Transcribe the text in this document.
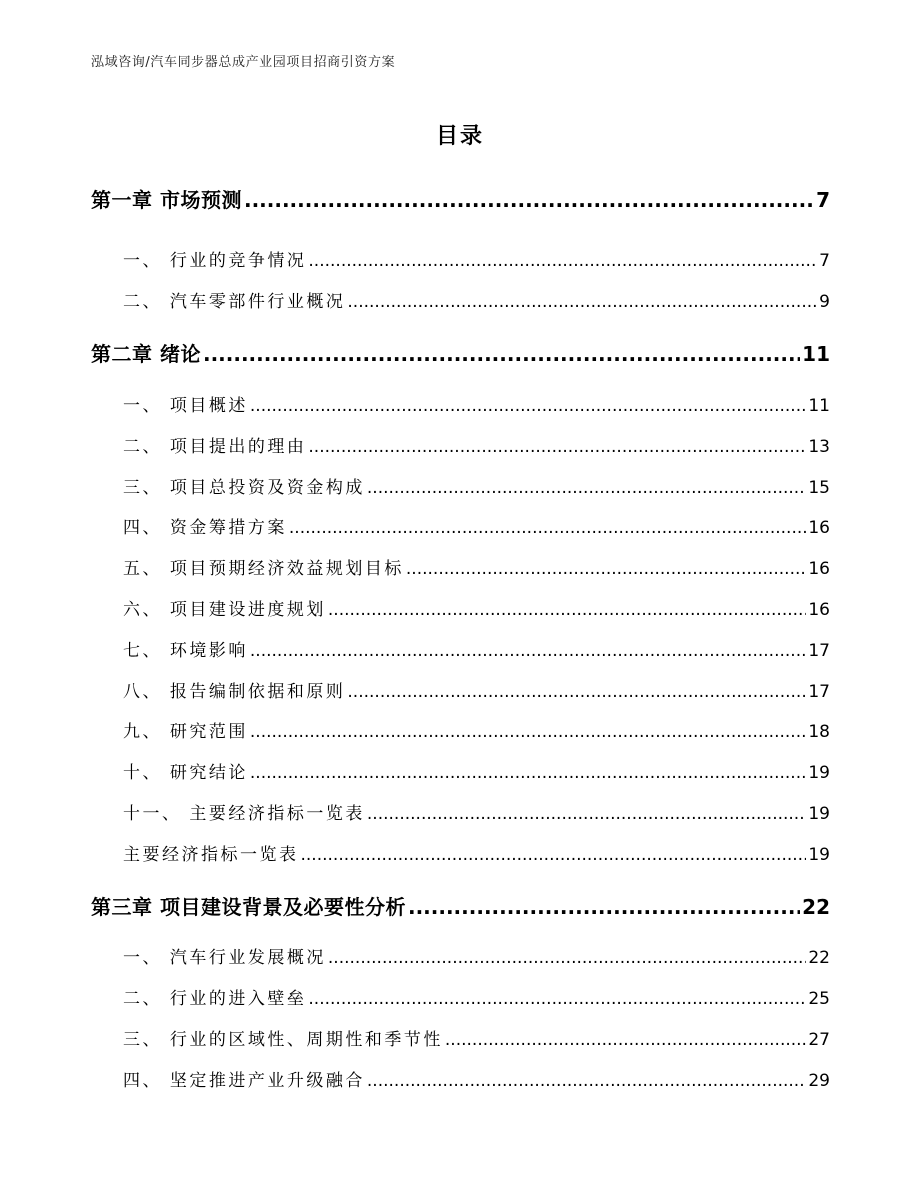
泓域咨询/汽车同步器总成产业园项目招商引资方案
目录
第一章 市场预测 .....	7
一、 行业的竞争情况 .....	7
二、 汽车零部件行业概况 .....	9
第二章 绪论 .....	11
一、 项目概述 .....	11
二、 项目提出的理由 .....	13
三、 项目总投资及资金构成 .....	15
四、 资金筹措方案 .....	16
五、 项目预期经济效益规划目标 .....	16
六、 项目建设进度规划 .....	16
七、 环境影响 .....	17
八、 报告编制依据和原则 .....	17
九、 研究范围 .....	18
十、 研究结论 .....	19
十一、 主要经济指标一览表 .....	19
主要经济指标一览表 .....	19
第三章 项目建设背景及必要性分析 .....	22
一、 汽车行业发展概况 .....	22
二、 行业的进入壁垒 .....	25
三、 行业的区域性、周期性和季节性 .....	27
四、 坚定推进产业升级融合 .....	29
